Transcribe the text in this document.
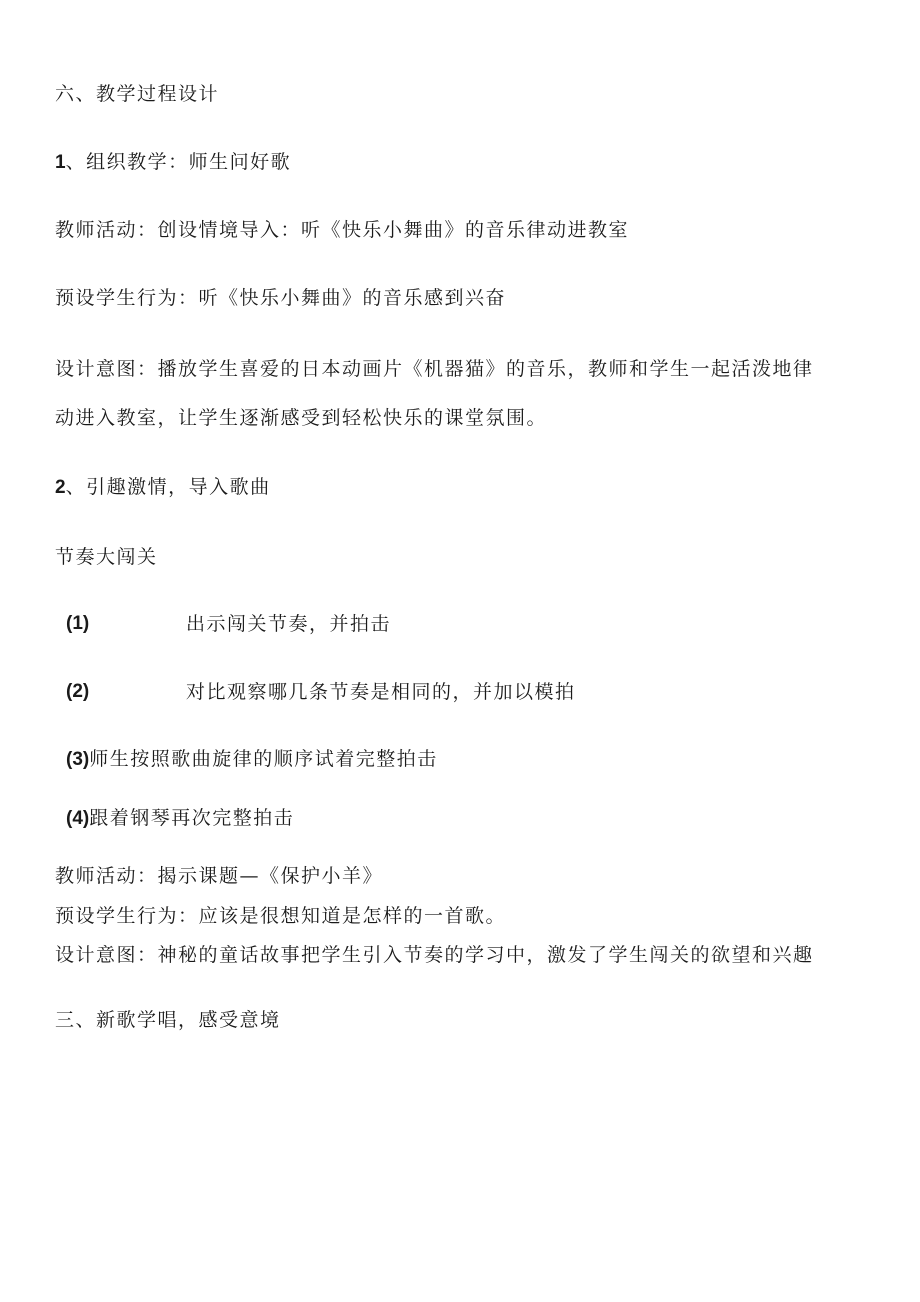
六、教学过程设计
1、组织教学：师生问好歌
教师活动：创设情境导入：听《快乐小舞曲》的音乐律动进教室
预设学生行为：听《快乐小舞曲》的音乐感到兴奋
设计意图：播放学生喜爱的日本动画片《机器猫》的音乐，教师和学生一起活泼地律
动进入教室，让学生逐渐感受到轻松快乐的课堂氛围。
2、引趣激情，导入歌曲
节奏大闯关
(1)	出示闯关节奏，并拍击
(2)	对比观察哪几条节奏是相同的，并加以模拍
(3)师生按照歌曲旋律的顺序试着完整拍击
(4)跟着钢琴再次完整拍击
教师活动：揭示课题—《保护小羊》
预设学生行为：应该是很想知道是怎样的一首歌。
设计意图：神秘的童话故事把学生引入节奏的学习中，激发了学生闯关的欲望和兴趣
三、新歌学唱，感受意境
